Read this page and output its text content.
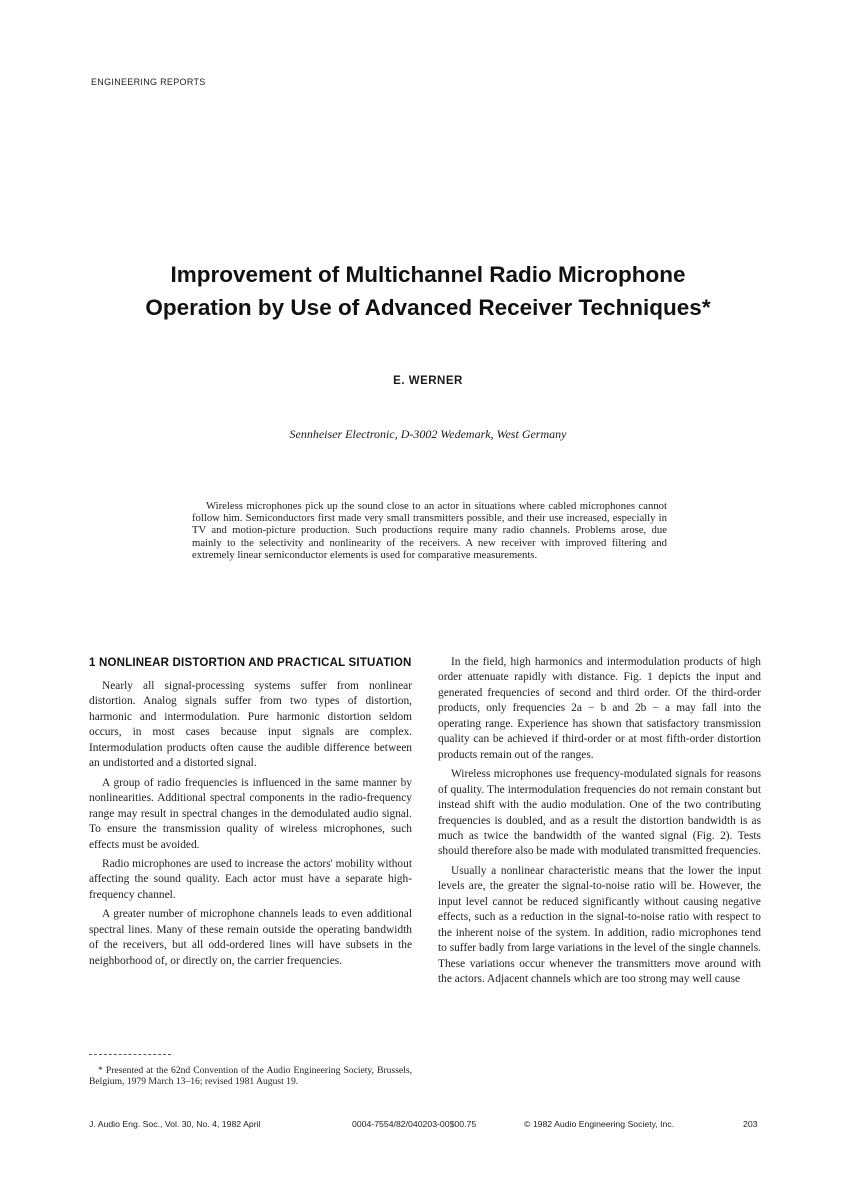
ENGINEERING REPORTS
Improvement of Multichannel Radio Microphone
Operation by Use of Advanced Receiver Techniques*

E. WERNER

Sennheiser Electronic, D-3002 Wedemark, West Germany

Wireless microphones pick up the sound close to an actor in situations where cabled microphones cannot follow him. Semiconductors first made very small transmitters possible, and their use increased, especially in TV and motion-picture production. Such productions require many radio channels. Problems arose, due mainly to the selectivity and nonlinearity of the receivers. A new receiver with improved filtering and extremely linear semiconductor elements is used for comparative measurements.

1 NONLINEAR DISTORTION AND PRACTICAL SITUATION

Nearly all signal-processing systems suffer from nonlinear distortion. Analog signals suffer from two types of distortion, harmonic and intermodulation. Pure harmonic distortion seldom occurs, in most cases because input signals are complex. Intermodulation products often cause the audible difference between an undistorted and a distorted signal.

A group of radio frequencies is influenced in the same manner by nonlinearities. Additional spectral components in the radio-frequency range may result in spectral changes in the demodulated audio signal. To ensure the transmission quality of wireless microphones, such effects must be avoided.

Radio microphones are used to increase the actors' mobility without affecting the sound quality. Each actor must have a separate high-frequency channel.

A greater number of microphone channels leads to even additional spectral lines. Many of these remain outside the operating bandwidth of the receivers, but all odd-ordered lines will have subsets in the neighborhood of, or directly on, the carrier frequencies.

In the field, high harmonics and intermodulation products of high order attenuate rapidly with distance. Fig. 1 depicts the input and generated frequencies of second and third order. Of the third-order products, only frequencies 2a − b and 2b − a may fall into the operating range. Experience has shown that satisfactory transmission quality can be achieved if third-order or at most fifth-order distortion products remain out of the ranges.

Wireless microphones use frequency-modulated signals for reasons of quality. The intermodulation frequencies do not remain constant but instead shift with the audio modulation. One of the two contributing frequencies is doubled, and as a result the distortion bandwidth is as much as twice the bandwidth of the wanted signal (Fig. 2). Tests should therefore also be made with modulated transmitted frequencies.

Usually a nonlinear characteristic means that the lower the input levels are, the greater the signal-to-noise ratio will be. However, the input level cannot be reduced significantly without causing negative effects, such as a reduction in the signal-to-noise ratio with respect to the inherent noise of the system. In addition, radio microphones tend to suffer badly from large variations in the level of the single channels. These variations occur whenever the transmitters move around with the actors. Adjacent channels which are too strong may well cause

* Presented at the 62nd Convention of the Audio Engineering Society, Brussels, Belgium, 1979 March 13–16; revised 1981 August 19.

J. Audio Eng. Soc., Vol. 30, No. 4, 1982 April	0004-7554/82/040203-00$00.75	© 1982 Audio Engineering Society, Inc.	203
